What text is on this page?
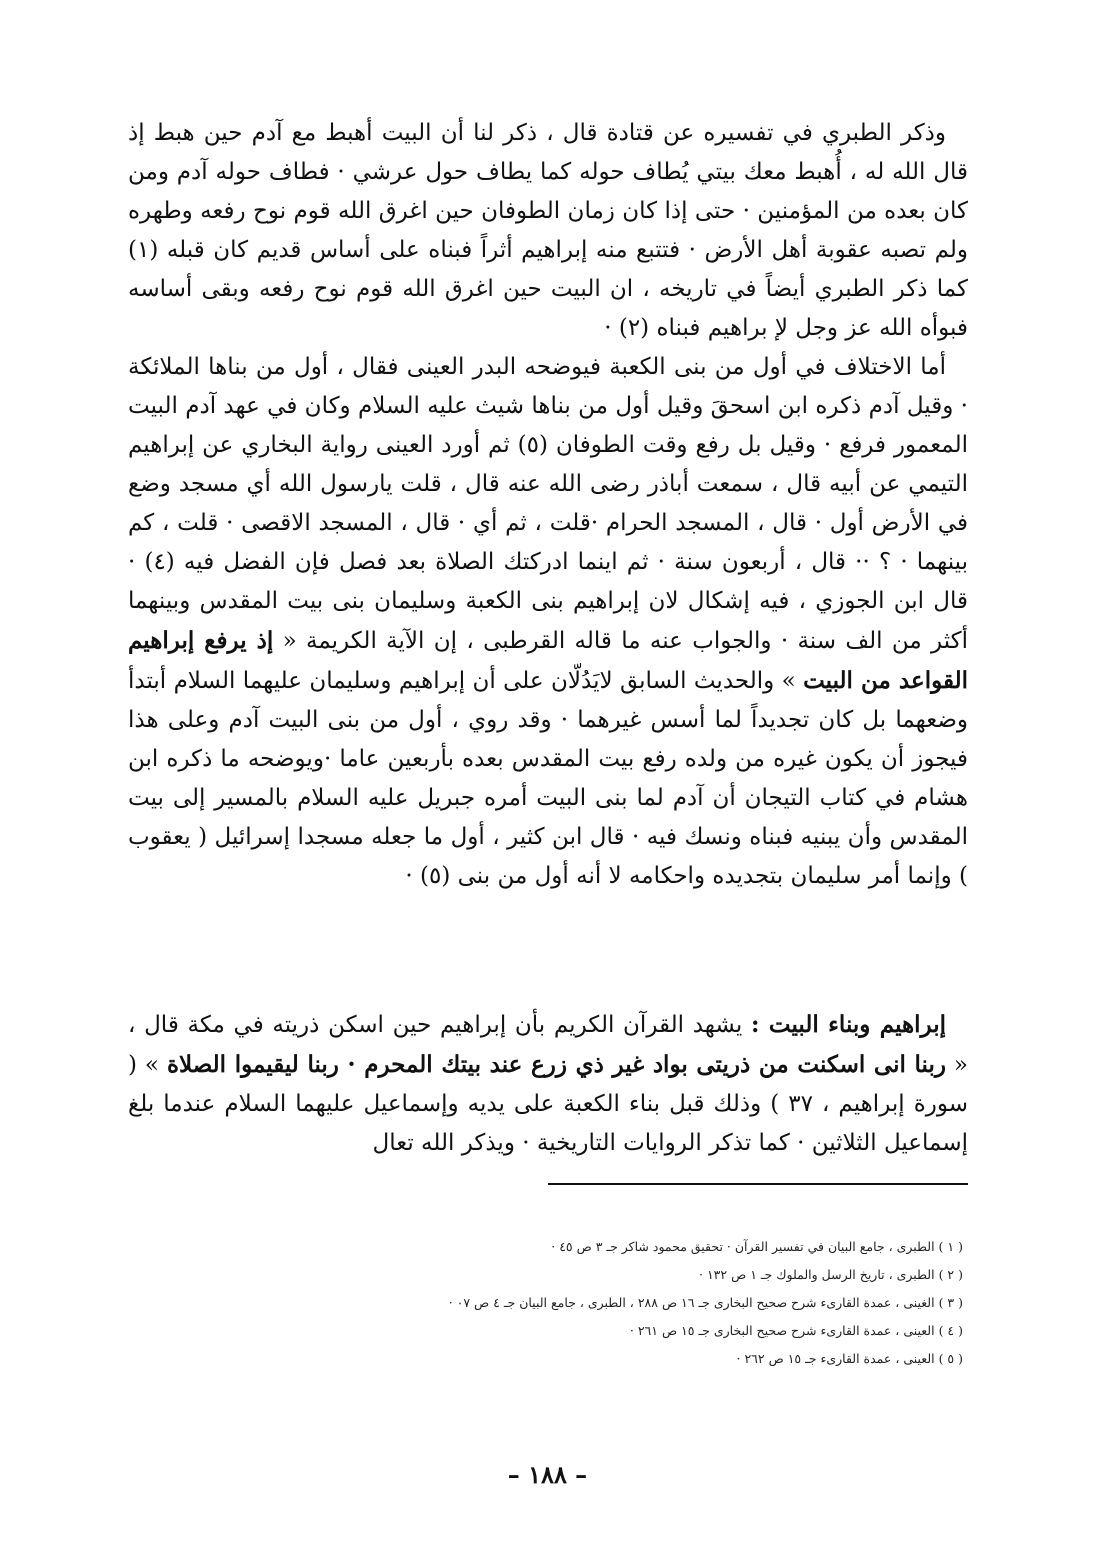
وذكر الطبري في تفسيره عن قتادة قال ، ذكر لنا أن البيت أهبط مع آدم حين هبط إذ قال الله له ، أُهبط معك بيتي يُطاف حوله كما يطاف حول عرشي · فطاف حوله آدم ومن كان بعده من المؤمنين · حتى إذا كان زمان الطوفان حين اغرق الله قوم نوح رفعه وطهره ولم تصبه عقوبة أهل الأرض · فتتبع منه إبراهيم أثراً فبناه على أساس قديم كان قبله (١) كما ذكر الطبري أيضاً في تاريخه ، ان البيت حين اغرق الله قوم نوح رفعه وبقى أساسه فبوأه الله عز وجل لإ براهيم فبناه (٢) ·

أما الاختلاف في أول من بنى الكعبة فيوضحه البدر العينى فقال ، أول من بناها الملائكة · وقيل آدم ذكره ابن اسحقَ وقيل أول من بناها شيث عليه السلام وكان في عهد آدم البيت المعمور فرفع · وقيل بل رفع وقت الطوفان (٥) ثم أورد العينى رواية البخاري عن إبراهيم التيمي عن أبيه قال ، سمعت أباذر رضى الله عنه قال ، قلت يارسول الله أي مسجد وضع في الأرض أول · قال ، المسجد الحرام ·قلت ، ثم أي · قال ، المسجد الاقصى · قلت ، كم بينهما · ؟ ·· قال ، أربعون سنة · ثم اينما ادركتك الصلاة بعد فصل فإن الفضل فيه (٤) · قال ابن الجوزي ، فيه إشكال لان إبراهيم بنى الكعبة وسليمان بنى بيت المقدس وبينهما أكثر من الف سنة · والجواب عنه ما قاله القرطبى ، إن الآية الكريمة « إذ يرفع إبراهيم القواعد من البيت » والحديث السابق لايَدُلّان على أن إبراهيم وسليمان عليهما السلام أبتدأ وضعهما بل كان تجديداً لما أسس غيرهما · وقد روي ، أول من بنى البيت آدم وعلى هذا فيجوز أن يكون غيره من ولده رفع بيت المقدس بعده بأربعين عاما ·ويوضحه ما ذكره ابن هشام في كتاب التيجان أن آدم لما بنى البيت أمره جبريل عليه السلام بالمسير إلى بيت المقدس وأن يبنيه فبناه ونسك فيه · قال ابن كثير ، أول ما جعله مسجدا إسرائيل ( يعقوب ) وإنما أمر سليمان بتجديده واحكامه لا أنه أول من بنى (٥) ·

إبراهيم وبناء البيت : يشهد القرآن الكريم بأن إبراهيم حين اسكن ذريته في مكة قال ، « ربنا انى اسكنت من ذريتى بواد غير ذي زرع عند بيتك المحرم · ربنا ليقيموا الصلاة » ( سورة إبراهيم ، ٣٧ ) وذلك قبل بناء الكعبة على يديه وإسماعيل عليهما السلام عندما بلغ إسماعيل الثلاثين · كما تذكر الروايات التاريخية · ويذكر الله تعال

( ١ ) الطبرى ، جامع البيان في تفسير القرآن · تحقيق محمود شاكر جـ ٣ ص ٤٥ ·
( ٢ ) الطبرى ، تاريخ الرسل والملوك جـ ١ ص ١٣٢ ·
( ٣ ) الغينى ، عمدة القارىء شرح صحيح البخارى جـ ١٦ ص ٢٨٨ ، الطبرى ، جامع البيان جـ ٤ ص ٠٧ ·
( ٤ ) العينى ، عمدة القارىء شرح صحيح البخارى جـ ١٥ ص ٢٦١ ·
( ٥ ) العينى ، عمدة القارىء جـ ١٥ ص ٢٦٢ ·
– ١٨٨ –
